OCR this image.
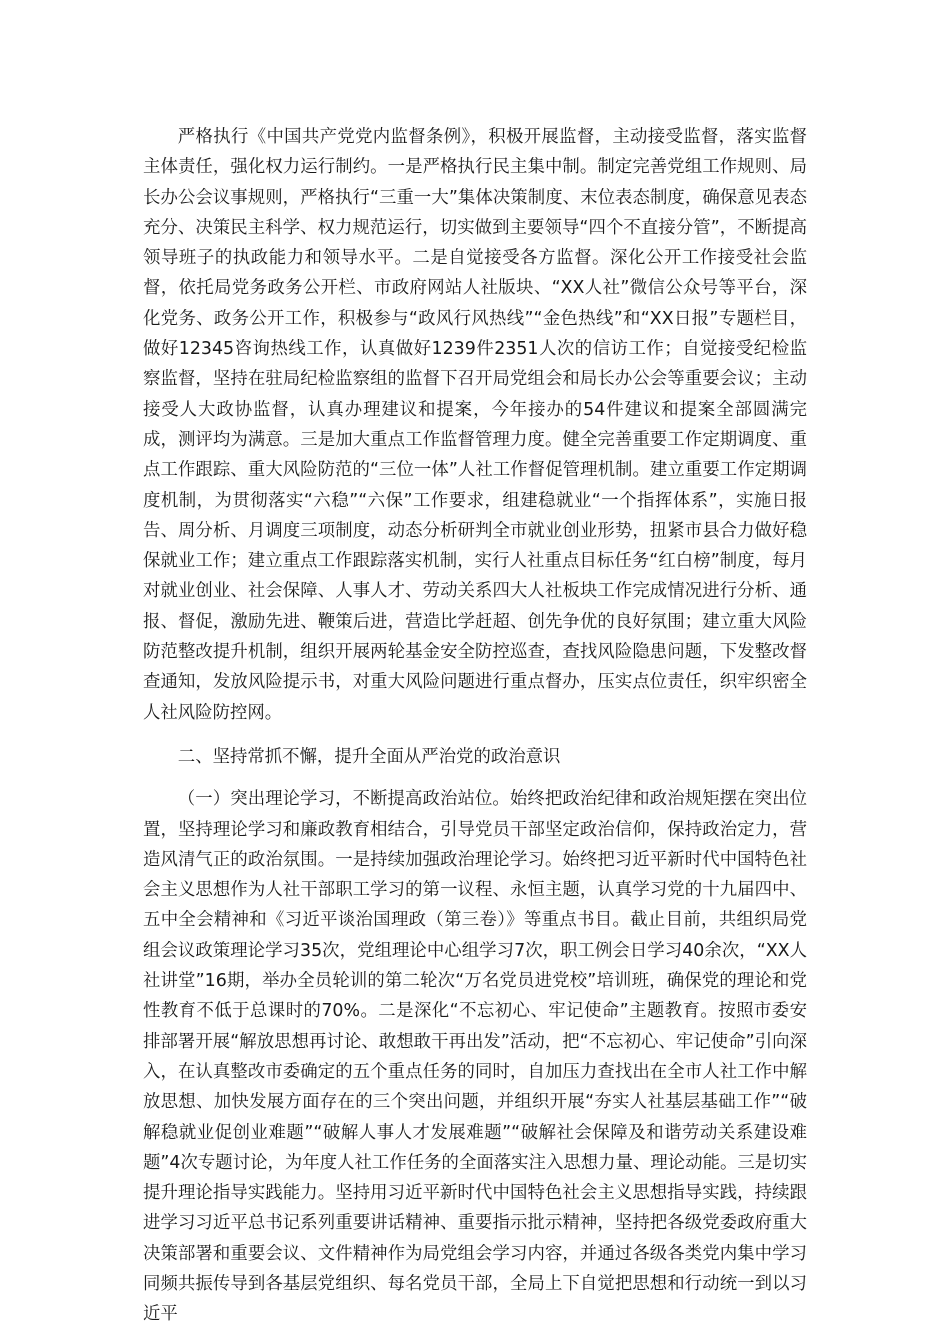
严格执行《中国共产党党内监督条例》，积极开展监督，主动接受监督，落实监督主体责任，强化权力运行制约。一是严格执行民主集中制。制定完善党组工作规则、局长办公会议事规则，严格执行“三重一大”集体决策制度、末位表态制度，确保意见表态充分、决策民主科学、权力规范运行，切实做到主要领导“四个不直接分管”，不断提高领导班子的执政能力和领导水平。二是自觉接受各方监督。深化公开工作接受社会监督，依托局党务政务公开栏、市政府网站人社版块、“XX人社”微信公众号等平台，深化党务、政务公开工作，积极参与“政风行风热线”“金色热线”和“XX日报”专题栏目，做好12345咨询热线工作，认真做好1239件2351人次的信访工作；自觉接受纪检监察监督，坚持在驻局纪检监察组的监督下召开局党组会和局长办公会等重要会议；主动接受人大政协监督，认真办理建议和提案，今年接办的54件建议和提案全部圆满完成，测评均为满意。三是加大重点工作监督管理力度。健全完善重要工作定期调度、重点工作跟踪、重大风险防范的“三位一体”人社工作督促管理机制。建立重要工作定期调度机制，为贯彻落实“六稳”“六保”工作要求，组建稳就业“一个指挥体系”，实施日报告、周分析、月调度三项制度，动态分析研判全市就业创业形势，扭紧市县合力做好稳保就业工作；建立重点工作跟踪落实机制，实行人社重点目标任务“红白榜”制度，每月对就业创业、社会保障、人事人才、劳动关系四大人社板块工作完成情况进行分析、通报、督促，激励先进、鞭策后进，营造比学赶超、创先争优的良好氛围；建立重大风险防范整改提升机制，组织开展两轮基金安全防控巡查，查找风险隐患问题，下发整改督查通知，发放风险提示书，对重大风险问题进行重点督办，压实点位责任，织牢织密全人社风险防控网。

二、坚持常抓不懈，提升全面从严治党的政治意识

（一）突出理论学习，不断提高政治站位。始终把政治纪律和政治规矩摆在突出位置，坚持理论学习和廉政教育相结合，引导党员干部坚定政治信仰，保持政治定力，营造风清气正的政治氛围。一是持续加强政治理论学习。始终把习近平新时代中国特色社会主义思想作为人社干部职工学习的第一议程、永恒主题，认真学习党的十九届四中、五中全会精神和《习近平谈治国理政（第三卷）》等重点书目。截止目前，共组织局党组会议政策理论学习35次，党组理论中心组学习7次，职工例会日学习40余次，“XX人社讲堂”16期，举办全员轮训的第二轮次“万名党员进党校”培训班，确保党的理论和党性教育不低于总课时的70%。二是深化“不忘初心、牢记使命”主题教育。按照市委安排部署开展“解放思想再讨论、敢想敢干再出发”活动，把“不忘初心、牢记使命”引向深入，在认真整改市委确定的五个重点任务的同时，自加压力查找出在全市人社工作中解放思想、加快发展方面存在的三个突出问题，并组织开展“夯实人社基层基础工作”“破解稳就业促创业难题”“破解人事人才发展难题”“破解社会保障及和谐劳动关系建设难题”4次专题讨论，为年度人社工作任务的全面落实注入思想力量、理论动能。三是切实提升理论指导实践能力。坚持用习近平新时代中国特色社会主义思想指导实践，持续跟进学习习近平总书记系列重要讲话精神、重要指示批示精神，坚持把各级党委政府重大决策部署和重要会议、文件精神作为局党组会学习内容，并通过各级各类党内集中学习同频共振传导到各基层党组织、每名党员干部，全局上下自觉把思想和行动统一到以习近平
